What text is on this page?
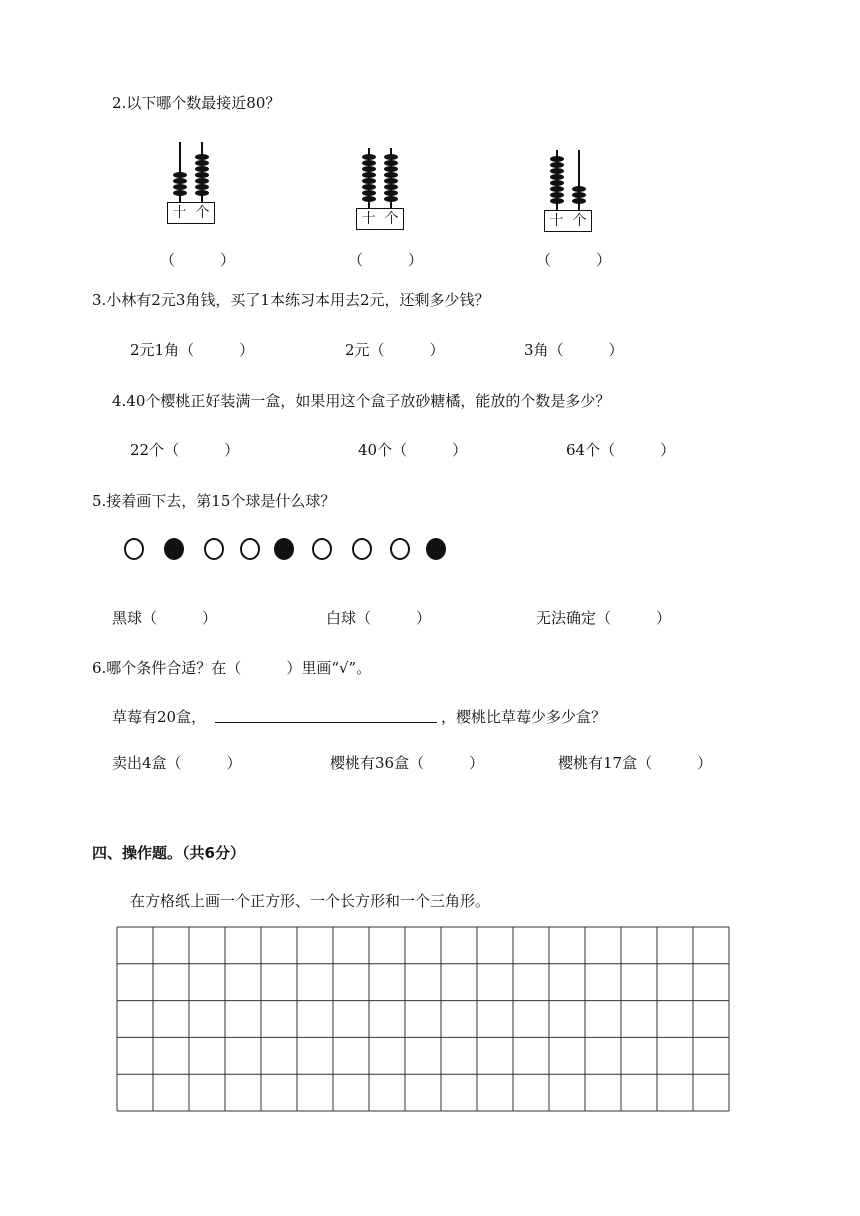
2.以下哪个数最接近80？
十 个	十 个	十 个
（　　　）	（　　　）	（　　　）
3.小林有2元3角钱，买了1本练习本用去2元，还剩多少钱？
2元1角（　　　）	2元（　　　）	3角（　　　）
4.40个樱桃正好装满一盒，如果用这个盒子放砂糖橘，能放的个数是多少？
22个（　　　）	40个（　　　）	64个（　　　）
5.接着画下去，第15个球是什么球？
黑球（　　　）	白球（　　　）	无法确定（　　　）
6.哪个条件合适？在（　　　）里画“√”。
草莓有20盒，	，樱桃比草莓少多少盒？
卖出4盒（　　　）	樱桃有36盒（　　　）	樱桃有17盒（　　　）
四、操作题。（共6分）
在方格纸上画一个正方形、一个长方形和一个三角形。
